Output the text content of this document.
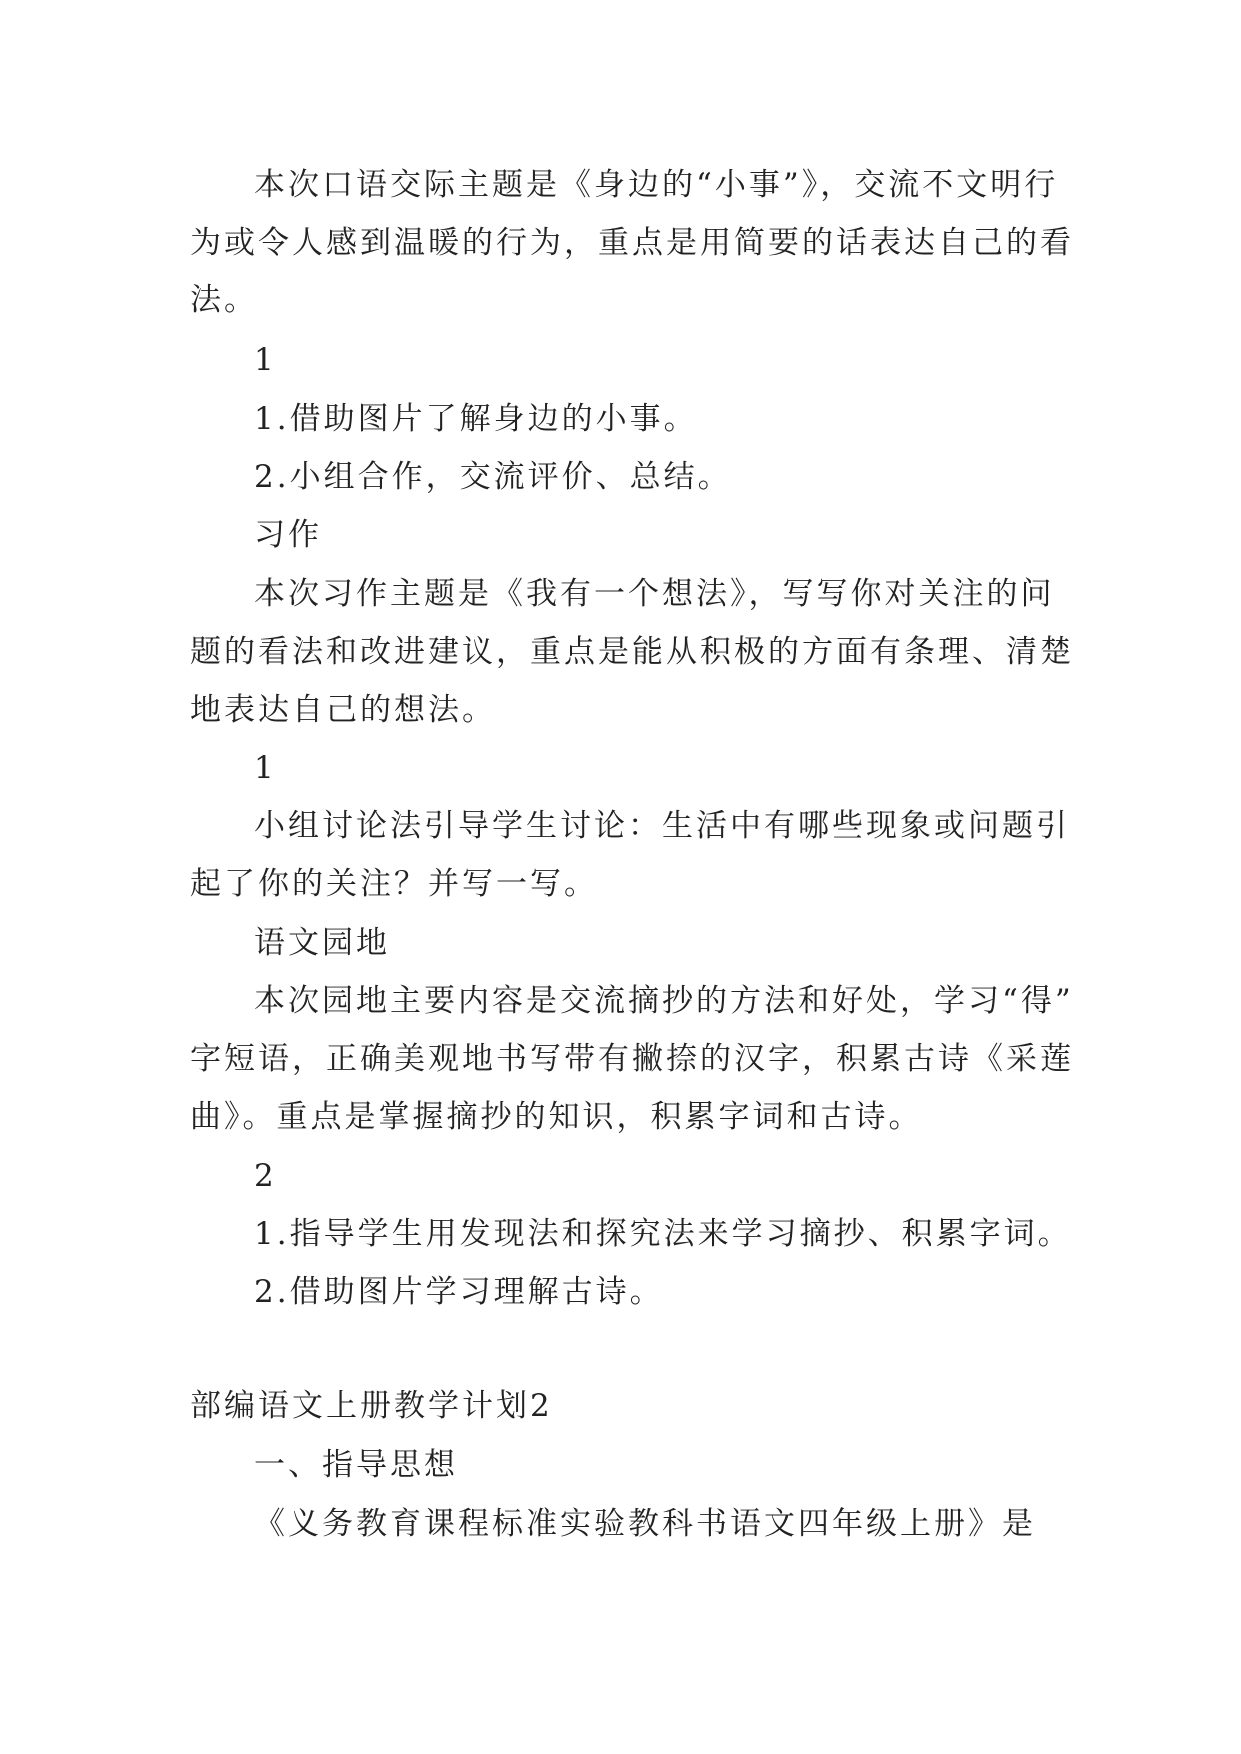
本次口语交际主题是《身边的“小事”》，交流不文明行
为或令人感到温暖的行为，重点是用简要的话表达自己的看
法。
1
1.借助图片了解身边的小事。
2.小组合作，交流评价、总结。
习作
本次习作主题是《我有一个想法》，写写你对关注的问
题的看法和改进建议，重点是能从积极的方面有条理、清楚
地表达自己的想法。
1
小组讨论法引导学生讨论：生活中有哪些现象或问题引
起了你的关注？并写一写。
语文园地
本次园地主要内容是交流摘抄的方法和好处，学习“得”
字短语，正确美观地书写带有撇捺的汉字，积累古诗《采莲
曲》。重点是掌握摘抄的知识，积累字词和古诗。
2
1.指导学生用发现法和探究法来学习摘抄、积累字词。
2.借助图片学习理解古诗。
部编语文上册教学计划2
一、指导思想
《义务教育课程标准实验教科书语文四年级上册》是
